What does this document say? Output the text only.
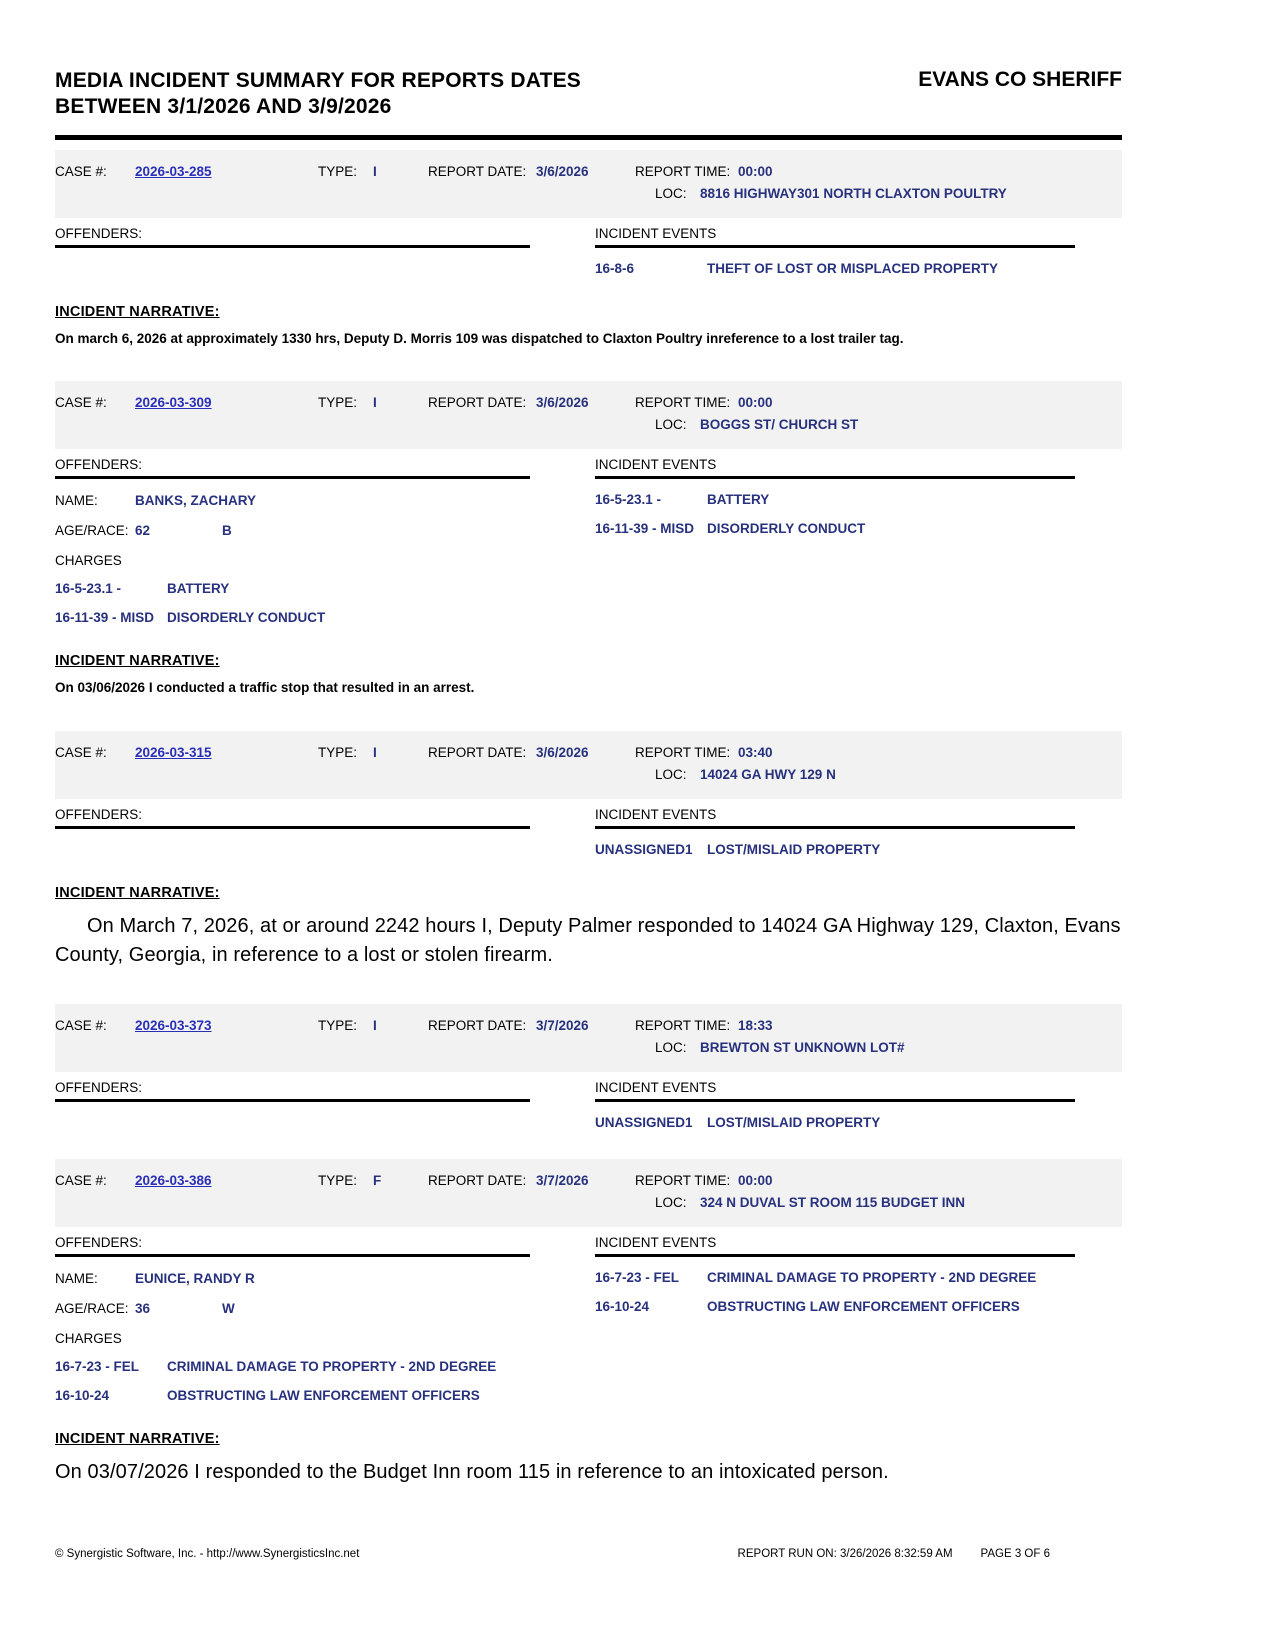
MEDIA INCIDENT SUMMARY FOR REPORTS DATES
BETWEEN 3/1/2026 AND 3/9/2026
EVANS CO SHERIFF
CASE #:	2026-03-285	TYPE:	I	REPORT DATE: 3/6/2026	REPORT TIME: 00:00
LOC: 8816 HIGHWAY301 NORTH CLAXTON POULTRY
OFFENDERS:	INCIDENT EVENTS
16-8-6	THEFT OF LOST OR MISPLACED PROPERTY
INCIDENT NARRATIVE:
On march 6, 2026 at approximately 1330 hrs, Deputy D. Morris 109 was dispatched to Claxton Poultry inreference to a lost trailer tag.
CASE #:	2026-03-309	TYPE:	I	REPORT DATE: 3/6/2026	REPORT TIME: 00:00
LOC: BOGGS ST/ CHURCH ST
OFFENDERS:
NAME:	BANKS, ZACHARY
AGE/RACE: 62	B
CHARGES
16-5-23.1 -	BATTERY
16-11-39 - MISD DISORDERLY CONDUCT
INCIDENT EVENTS
16-5-23.1 -	BATTERY
16-11-39 - MISD DISORDERLY CONDUCT
INCIDENT NARRATIVE:
On 03/06/2026 I conducted a traffic stop that resulted in an arrest.
CASE #:	2026-03-315	TYPE:	I	REPORT DATE: 3/6/2026	REPORT TIME: 03:40
LOC: 14024 GA HWY 129 N
OFFENDERS:	INCIDENT EVENTS
UNASSIGNED1	LOST/MISLAID PROPERTY
INCIDENT NARRATIVE:
On March 7, 2026, at or around 2242 hours I, Deputy Palmer responded to 14024 GA Highway 129, Claxton, Evans County, Georgia, in reference to a lost or stolen firearm.
CASE #:	2026-03-373	TYPE:	I	REPORT DATE: 3/7/2026	REPORT TIME: 18:33
LOC: BREWTON ST UNKNOWN LOT#
OFFENDERS:	INCIDENT EVENTS
UNASSIGNED1	LOST/MISLAID PROPERTY
CASE #:	2026-03-386	TYPE:	F	REPORT DATE: 3/7/2026	REPORT TIME: 00:00
LOC: 324 N DUVAL ST ROOM 115 BUDGET INN
OFFENDERS:
NAME:	EUNICE, RANDY R
AGE/RACE: 36	W
CHARGES
16-7-23 - FEL	CRIMINAL DAMAGE TO PROPERTY - 2ND DEGREE
16-10-24	OBSTRUCTING LAW ENFORCEMENT OFFICERS
INCIDENT EVENTS
16-7-23 - FEL	CRIMINAL DAMAGE TO PROPERTY - 2ND DEGREE
16-10-24	OBSTRUCTING LAW ENFORCEMENT OFFICERS
INCIDENT NARRATIVE:
On 03/07/2026 I responded to the Budget Inn room 115 in reference to an intoxicated person.
© Synergistic Software, Inc. - http://www.SynergisticsInc.net	REPORT RUN ON: 3/26/2026 8:32:59 AM PAGE 3 OF 6
